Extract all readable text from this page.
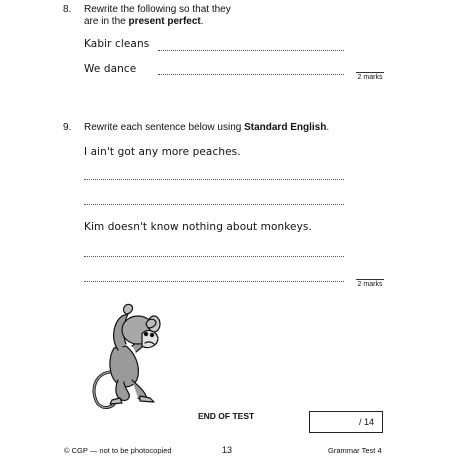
8. Rewrite the following so that they
are in the present perfect.
Kabir cleans
We dance
2 marks
9. Rewrite each sentence below using Standard English.
I ain't got any more peaches.
Kim doesn't know nothing about monkeys.
2 marks
END OF TEST
/ 14
© CGP — not to be photocopied	13	Grammar Test 4
